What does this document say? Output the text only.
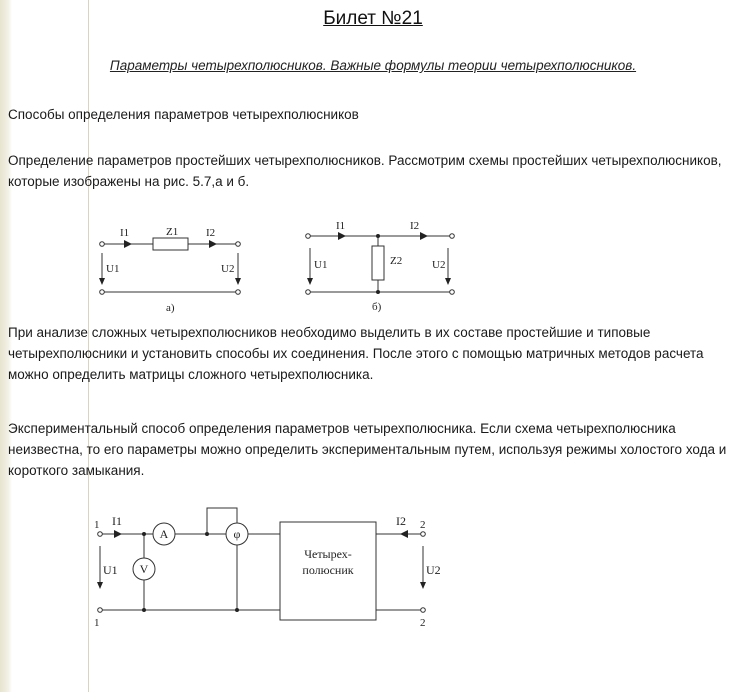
Билет №21
Параметры четырехполюсников. Важные формулы теории четырехполюсников.
Способы определения параметров четырехполюсников
Определение параметров простейших четырехполюсников. Рассмотрим схемы простейших четырехполюсников, которые изображены на рис. 5.7,а и б.
I1	Z1	I2
U1	U2
а)
I1	I2
U1	Z2	U2
б)
При анализе сложных четырехполюсников необходимо выделить в их составе простейшие и типовые четырехполюсники и установить способы их соединения. После этого с помощью матричных методов расчета можно определить матрицы сложного четырехполюсника.
Экспериментальный способ определения параметров четырехполюсника. Если схема четырехполюсника неизвестна, то его параметры можно определить экспериментальным путем, используя режимы холостого хода и короткого замыкания.
1
1
2
2
I1	I2
U1	U2
A
V
φ
Четырех-
полюсник
